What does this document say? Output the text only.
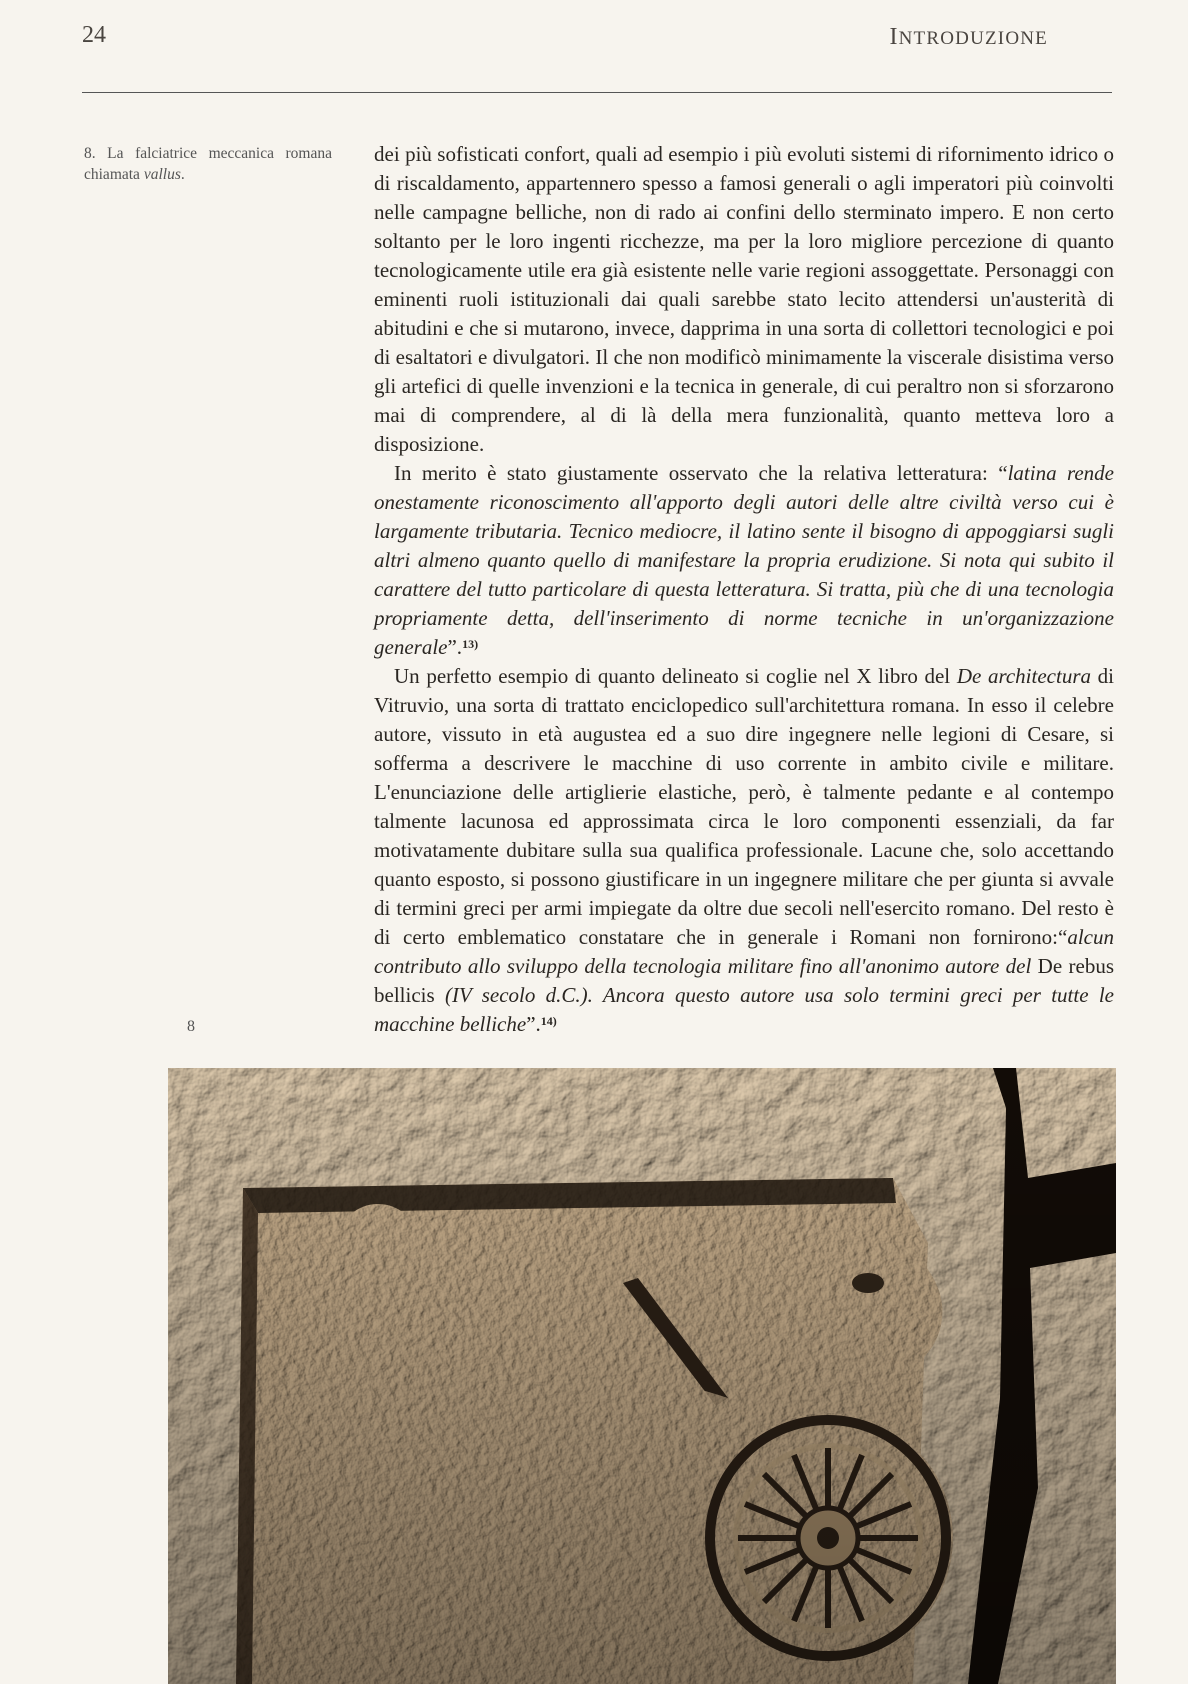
24	INTRODUZIONE
8. La falciatrice meccanica romana chiamata vallus.
8

dei più sofisticati confort, quali ad esempio i più evoluti sistemi di rifornimento idrico o di riscaldamento, appartennero spesso a famosi generali o agli imperatori più coinvolti nelle campagne belliche, non di rado ai confini dello sterminato impero. E non certo soltanto per le loro ingenti ricchezze, ma per la loro migliore percezione di quanto tecnologicamente utile era già esistente nelle varie regioni assoggettate. Personaggi con eminenti ruoli istituzionali dai quali sarebbe stato lecito attendersi un'austerità di abitudini e che si mutarono, invece, dapprima in una sorta di collettori tecnologici e poi di esaltatori e divulgatori. Il che non modificò minimamente la viscerale disistima verso gli artefici di quelle invenzioni e la tecnica in generale, di cui peraltro non si sforzarono mai di comprendere, al di là della mera funzionalità, quanto metteva loro a disposizione.

In merito è stato giustamente osservato che la relativa letteratura: “latina rende onestamente riconoscimento all'apporto degli autori delle altre civiltà verso cui è largamente tributaria. Tecnico mediocre, il latino sente il bisogno di appoggiarsi sugli altri almeno quanto quello di manifestare la propria erudizione. Si nota qui subito il carattere del tutto particolare di questa letteratura. Si tratta, più che di una tecnologia propriamente detta, dell'inserimento di norme tecniche in un'organizzazione generale”.$^{13)}$

Un perfetto esempio di quanto delineato si coglie nel X libro del De architectura di Vitruvio, una sorta di trattato enciclopedico sull'architettura romana. In esso il celebre autore, vissuto in età augustea ed a suo dire ingegnere nelle legioni di Cesare, si sofferma a descrivere le macchine di uso corrente in ambito civile e militare. L'enunciazione delle artiglierie elastiche, però, è talmente pedante e al contempo talmente lacunosa ed approssimata circa le loro componenti essenziali, da far motivatamente dubitare sulla sua qualifica professionale. Lacune che, solo accettando quanto esposto, si possono giustificare in un ingegnere militare che per giunta si avvale di termini greci per armi impiegate da oltre due secoli nell'esercito romano. Del resto è di certo emblematico constatare che in generale i Romani non fornirono:“alcun contributo allo sviluppo della tecnologia militare fino all'anonimo autore del De rebus bellicis (IV secolo d.C.). Ancora questo autore usa solo termini greci per tutte le macchine belliche”.$^{14)}$
